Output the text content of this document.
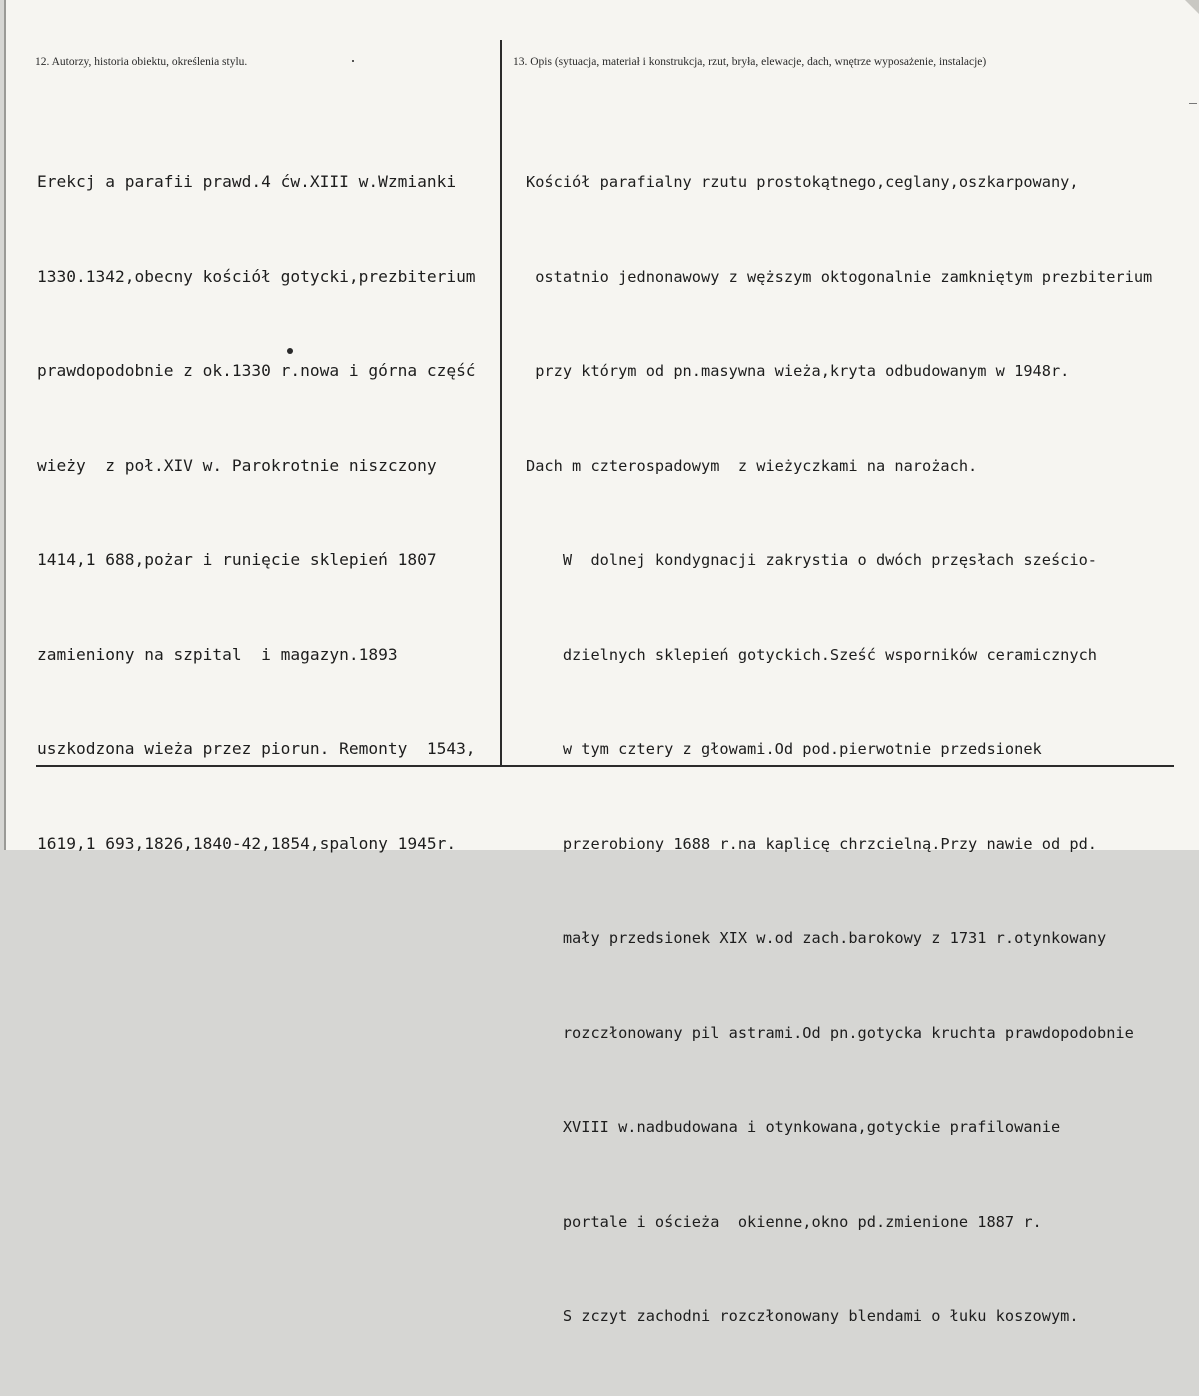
12. Autorzy, historia obiektu, określenia stylu.	13. Opis (sytuacja, materiał i konstrukcja, rzut, bryła, elewacje, dach, wnętrze wyposażenie, instalacje)

Erekcj a parafii prawd.4 ćw.XIII w.Wzmianki

1330.1342,obecny kościół gotycki,prezbiterium

prawdopodobnie z ok.1330 r.nowa i górna część

wieży  z poł.XIV w. Parokrotnie niszczony

1414,1 688,pożar i runięcie sklepień 1807

zamieniony na szpital  i magazyn.1893

uszkodzona wieża przez piorun. Remonty  1543,

1619,1 693,1826,1840-42,1854,spalony 1945r.

Kościół parafialny rzutu prostokątnego,ceglany,oszkarpowany,

ostatnio jednonawowy z węższym oktogonalnie zamkniętym prezbiterium

przy którym od pn.masywna wieża,kryta odbudowanym w 1948r.

Dach m czterospadowym  z wieżyczkami na narożach.

W  dolnej kondygnacji zakrystia o dwóch przęsłach sześcio-

dzielnych sklepień gotyckich.Sześć wsporników ceramicznych

w tym cztery z głowami.Od pod.pierwotnie przedsionek

przerobiony 1688 r.na kaplicę chrzcielną.Przy nawie od pd.

mały przedsionek XIX w.od zach.barokowy z 1731 r.otynkowany

rozczłonowany pil astrami.Od pn.gotycka kruchta prawdopodobnie

XVIII w.nadbudowana i otynkowana,gotyckie prafilowanie

portale i ościeża  okienne,okno pd.zmienione 1887 r.

S zczyt zachodni rozczłonowany blendami o łuku koszowym.
